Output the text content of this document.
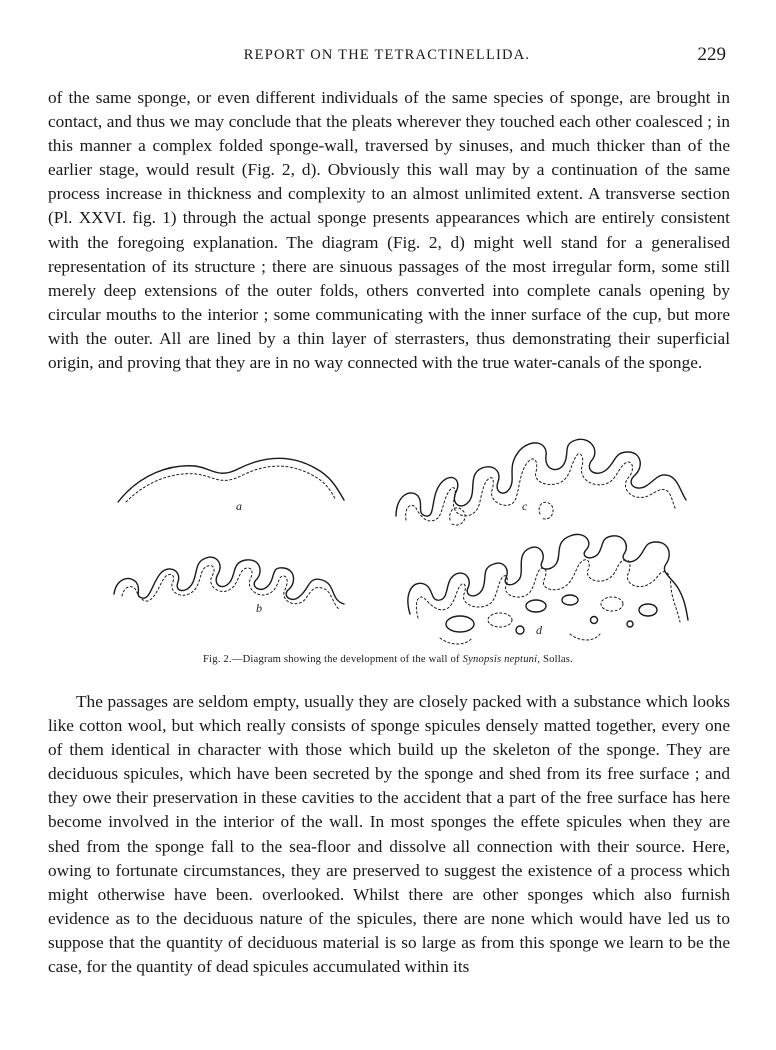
REPORT ON THE TETRACTINELLIDA.	229

of the same sponge, or even different individuals of the same species of sponge, are brought in contact, and thus we may conclude that the pleats wherever they touched each other coalesced ; in this manner a complex folded sponge-wall, traversed by sinuses, and much thicker than of the earlier stage, would result (Fig. 2, d). Obviously this wall may by a continuation of the same process increase in thickness and complexity to an almost unlimited extent. A transverse section (Pl. XXVI. fig. 1) through the actual sponge presents appearances which are entirely consistent with the foregoing explanation. The diagram (Fig. 2, d) might well stand for a generalised representation of its structure ; there are sinuous passages of the most irregular form, some still merely deep extensions of the outer folds, others converted into complete canals opening by circular mouths to the interior ; some communicating with the inner surface of the cup, but more with the outer. All are lined by a thin layer of sterrasters, thus demonstrating their superficial origin, and proving that they are in no way connected with the true water-canals of the sponge.

a
b
c
d
Fig. 2.—Diagram showing the development of the wall of Synopsis neptuni, Sollas.

The passages are seldom empty, usually they are closely packed with a substance which looks like cotton wool, but which really consists of sponge spicules densely matted together, every one of them identical in character with those which build up the skeleton of the sponge. They are deciduous spicules, which have been secreted by the sponge and shed from its free surface ; and they owe their preservation in these cavities to the accident that a part of the free surface has here become involved in the interior of the wall. In most sponges the effete spicules when they are shed from the sponge fall to the sea-floor and dissolve all connection with their source. Here, owing to fortunate circumstances, they are preserved to suggest the existence of a process which might otherwise have been. overlooked. Whilst there are other sponges which also furnish evidence as to the deciduous nature of the spicules, there are none which would have led us to suppose that the quantity of deciduous material is so large as from this sponge we learn to be the case, for the quantity of dead spicules accumulated within its
